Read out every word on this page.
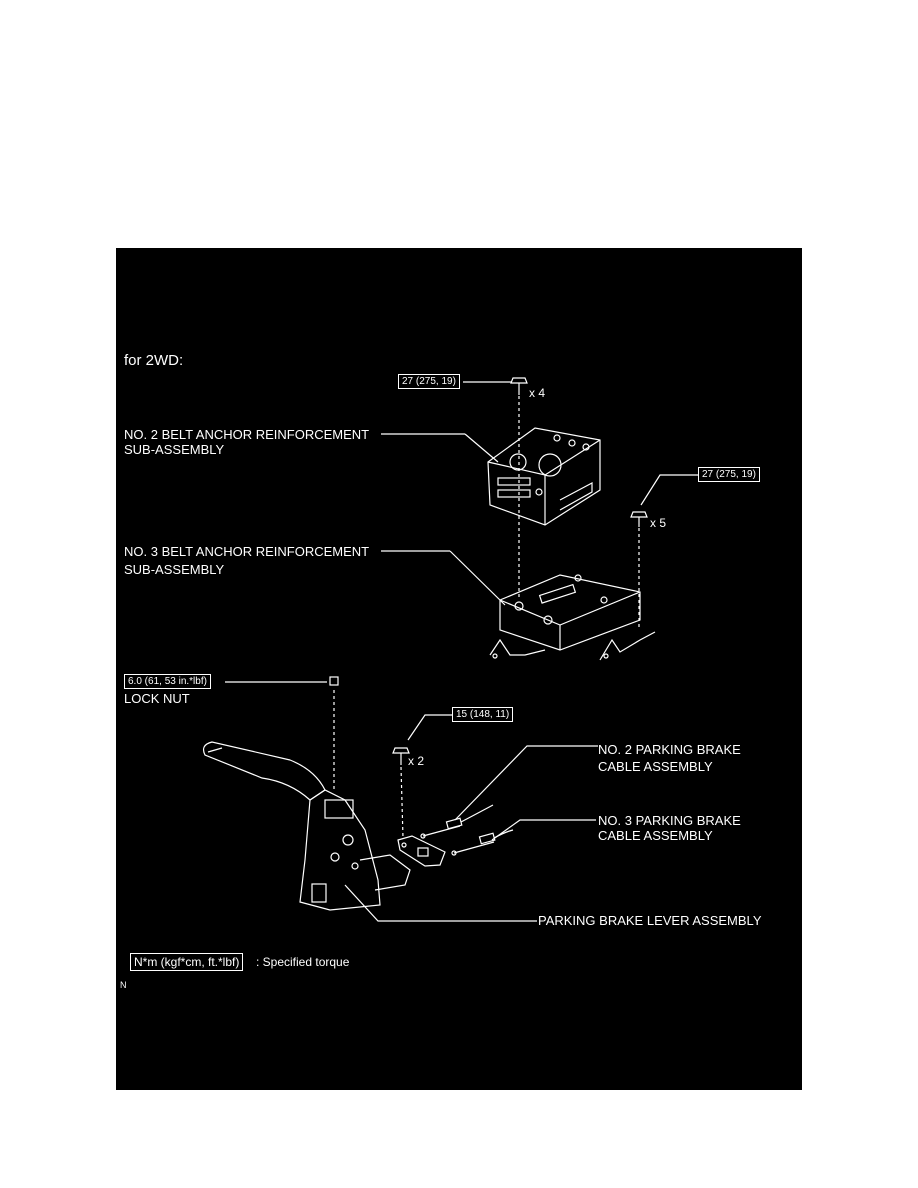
for 2WD:
27 (275, 19)
x 4
NO. 2 BELT ANCHOR REINFORCEMENT
SUB-ASSEMBLY
27 (275, 19)
x 5
NO. 3 BELT ANCHOR REINFORCEMENT
SUB-ASSEMBLY
6.0 (61, 53 in.*lbf)
LOCK NUT
15 (148, 11)
x 2
NO. 2 PARKING BRAKE
CABLE ASSEMBLY
NO. 3 PARKING BRAKE
CABLE ASSEMBLY
PARKING BRAKE LEVER ASSEMBLY
N*m (kgf*cm, ft.*lbf)	: Specified torque
N
